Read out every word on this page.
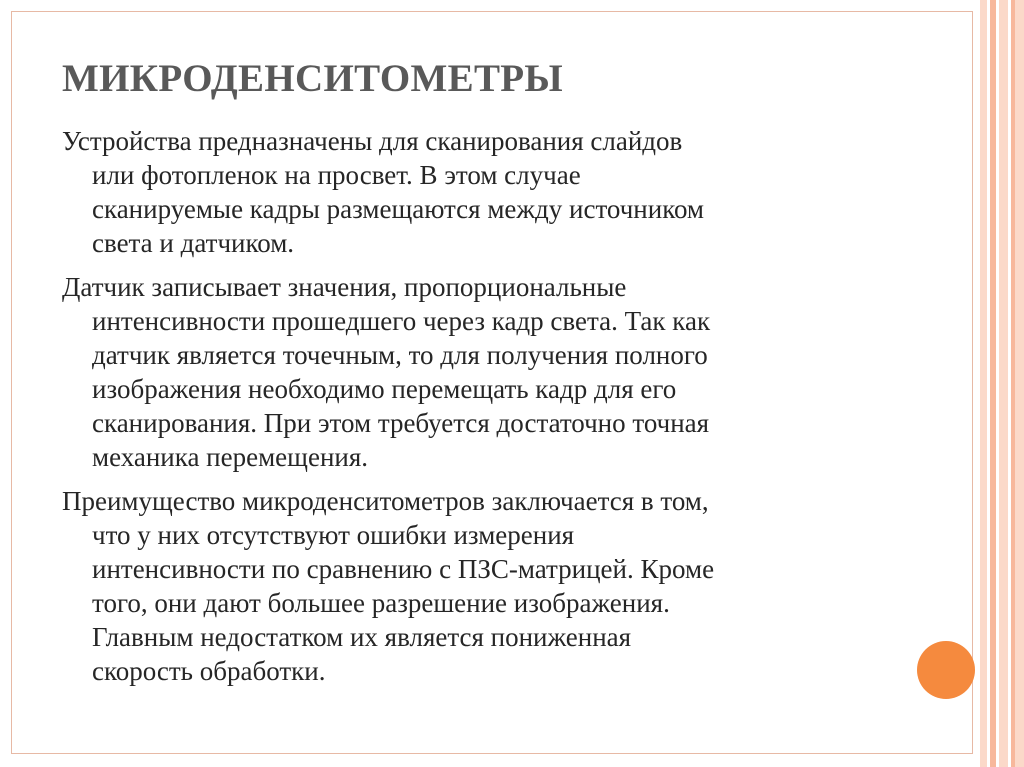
МИКРОДЕНСИТОМЕТРЫ
Устройства предназначены для сканирования слайдов
или фотопленок на просвет. В этом случае
сканируемые кадры размещаются между источником
света и датчиком.
Датчик записывает значения, пропорциональные
интенсивности прошедшего через кадр света. Так как
датчик является точечным, то для получения полного
изображения необходимо перемещать кадр для его
сканирования. При этом требуется достаточно точная
механика перемещения.
Преимущество микроденситометров заключается в том,
что у них отсутствуют ошибки измерения
интенсивности по сравнению с ПЗС-матрицей. Кроме
того, они дают большее разрешение изображения.
Главным недостатком их является пониженная
скорость обработки.
